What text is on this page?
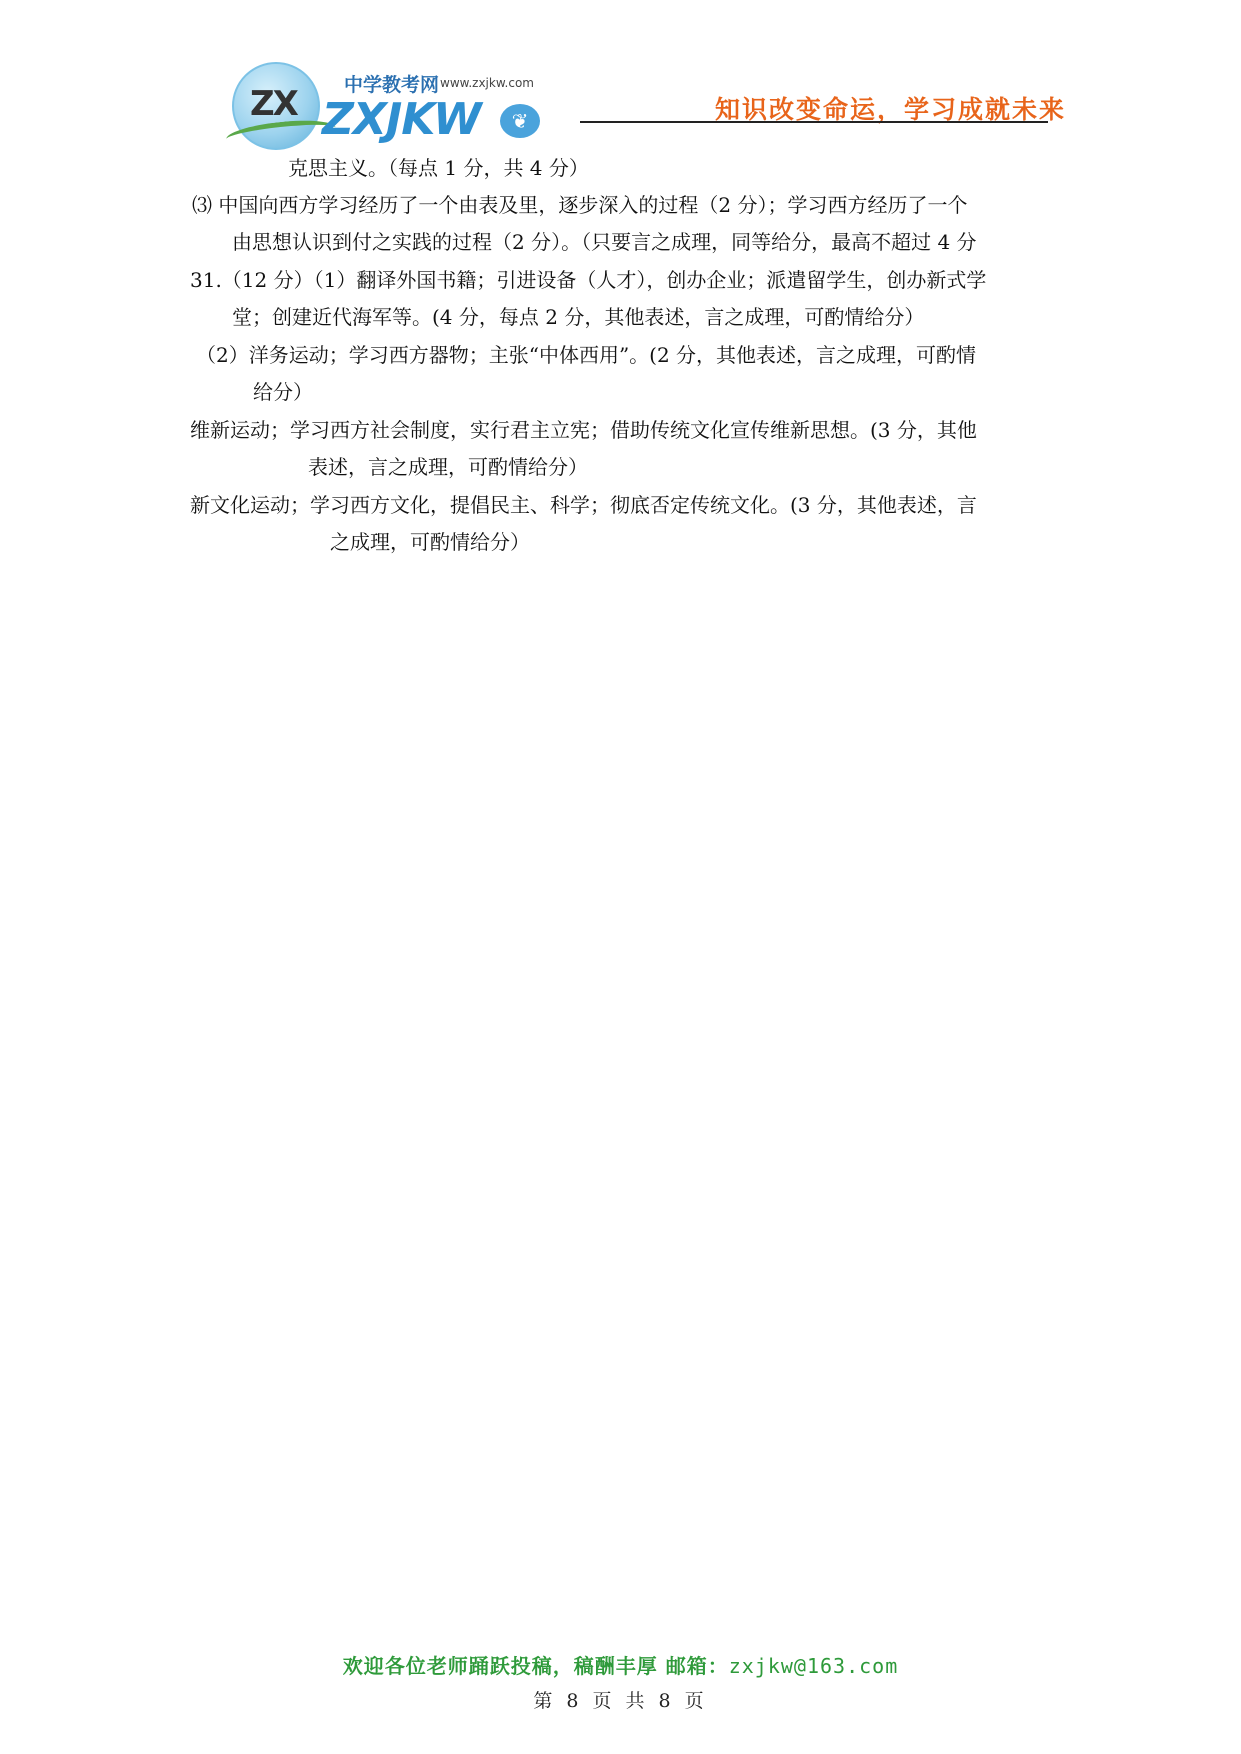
ZX 中学教考网 www.zxjkw.com
ZXJKW	❦	知识改变命运，学习成就未来
克思主义。（每点 1 分，共 4 分）
⑶ 中国向西方学习经历了一个由表及里，逐步深入的过程（2 分）；学习西方经历了一个
由思想认识到付之实践的过程（2 分）。（只要言之成理，同等给分，最高不超过 4 分
31.（12 分）（1）翻译外国书籍；引进设备（人才），创办企业；派遣留学生，创办新式学
堂；创建近代海军等。(4 分，每点 2 分，其他表述，言之成理，可酌情给分）
（2）洋务运动；学习西方器物；主张“中体西用”。(2 分，其他表述，言之成理，可酌情
给分）
维新运动；学习西方社会制度，实行君主立宪；借助传统文化宣传维新思想。(3 分，其他
表述，言之成理，可酌情给分）
新文化运动；学习西方文化，提倡民主、科学；彻底否定传统文化。(3 分，其他表述，言
之成理，可酌情给分）
欢迎各位老师踊跃投稿，稿酬丰厚 邮箱：zxjkw@163.com
第 8 页 共 8 页
